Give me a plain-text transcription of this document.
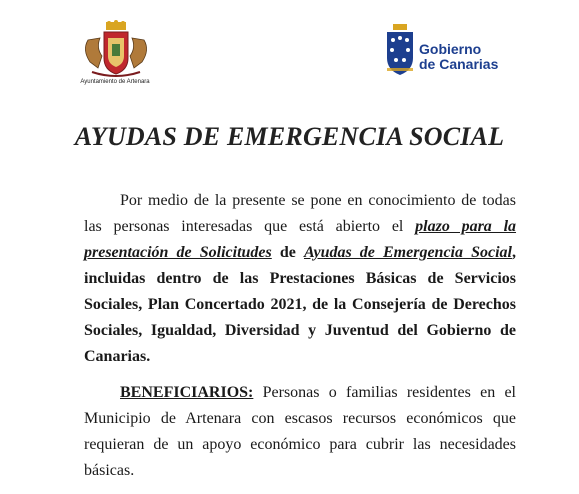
Ayuntamiento de Artenara
Gobierno
de Canarias
AYUDAS DE EMERGENCIA SOCIAL

Por medio de la presente se pone en conocimiento de todas las personas interesadas que está abierto el plazo para la presentación de Solicitudes de Ayudas de Emergencia Social, incluidas dentro de las Prestaciones Básicas de Servicios Sociales, Plan Concertado 2021, de la Consejería de Derechos Sociales, Igualdad, Diversidad y Juventud del Gobierno de Canarias.

BENEFICIARIOS: Personas o familias residentes en el Municipio de Artenara con escasos recursos económicos que requieran de un apoyo económico para cubrir las necesidades básicas.
